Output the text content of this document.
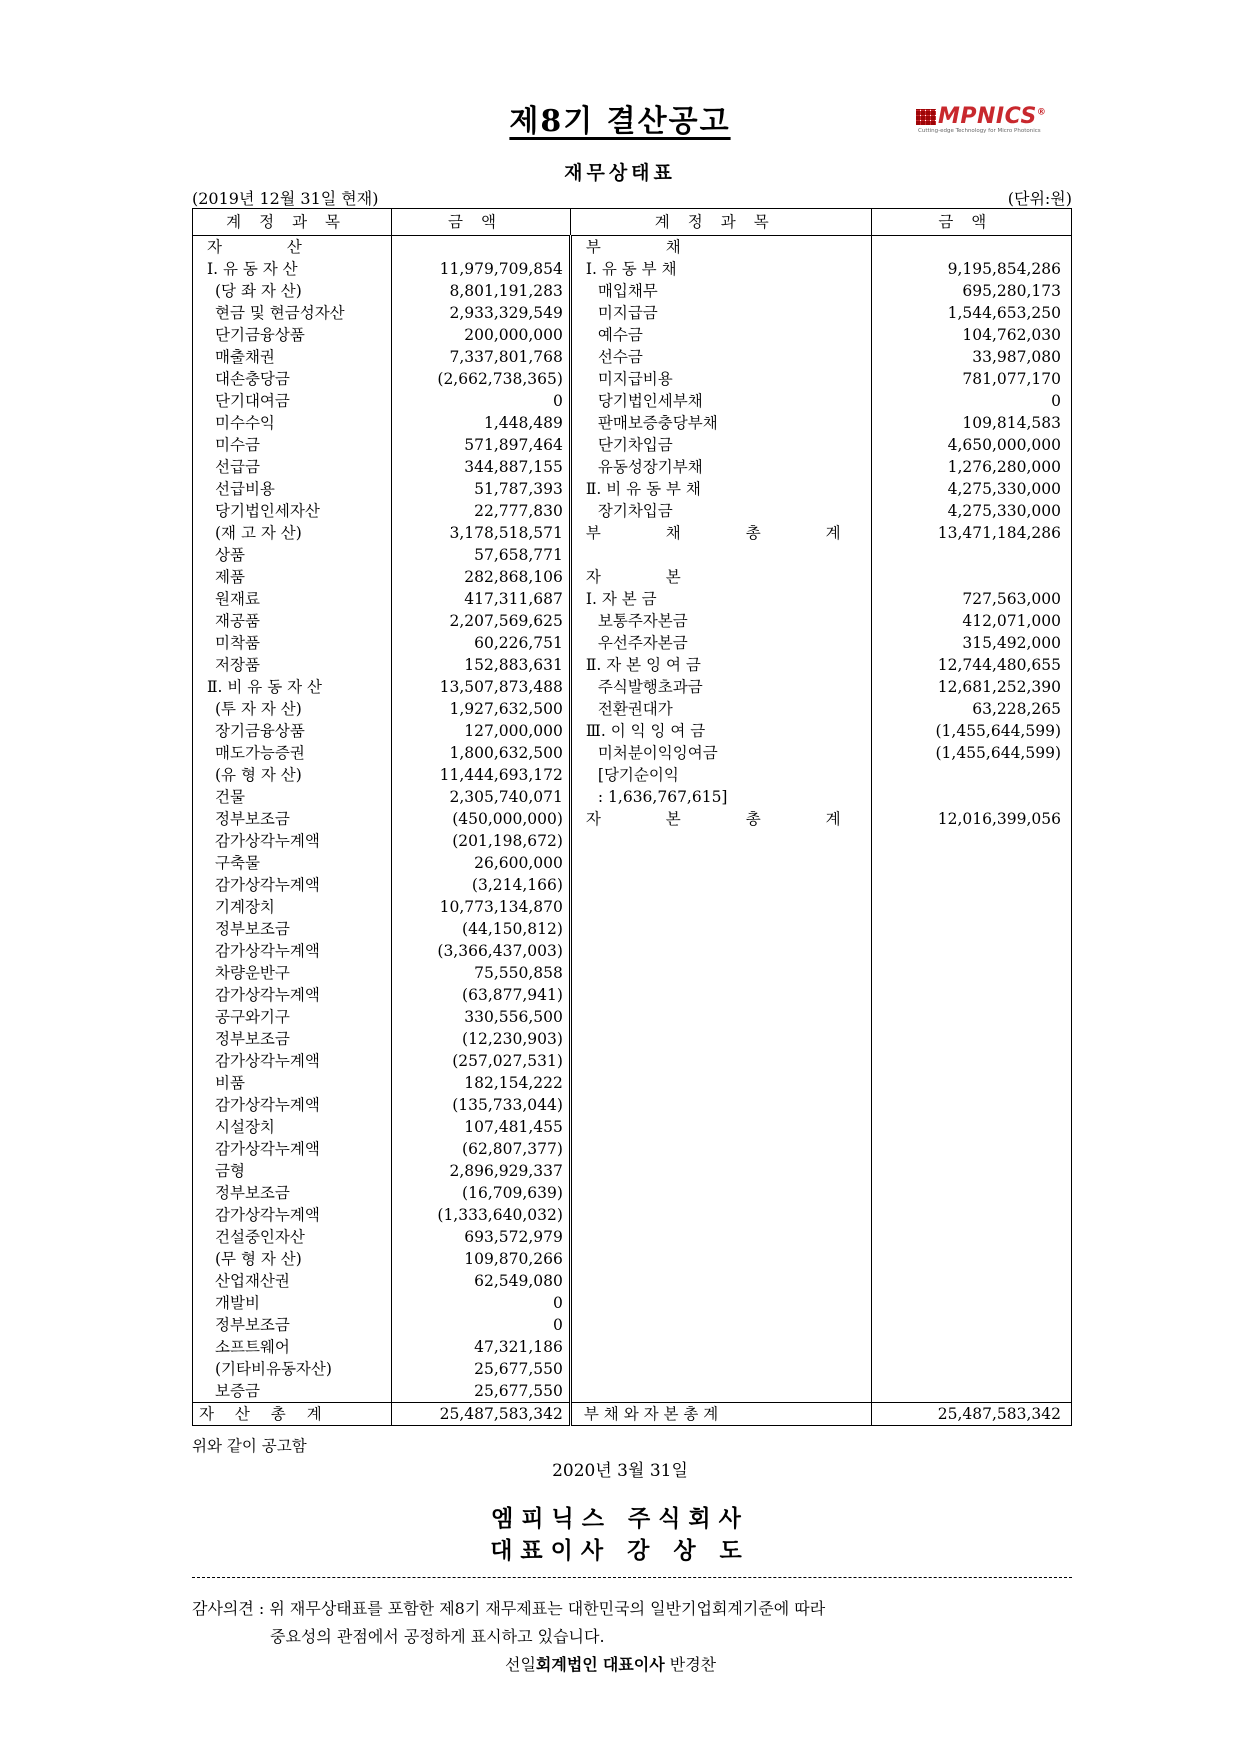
제8기 결산공고	MPNICS®
Cutting-edge Technology for Micro Photonics
재무상태표
(2019년 12월 31일 현재)	(단위:원)
계정과목	금액	계정과목	금액
자 산		부 채	
Ⅰ. 유 동 자 산	11,979,709,854	Ⅰ. 유 동 부 채	9,195,854,286
(당 좌 자 산)	8,801,191,283	매입채무	695,280,173
현금 및 현금성자산	2,933,329,549	미지급금	1,544,653,250
단기금융상품	200,000,000	예수금	104,762,030
매출채권	7,337,801,768	선수금	33,987,080
대손충당금	(2,662,738,365)	미지급비용	781,077,170
단기대여금	0	당기법인세부채	0
미수수익	1,448,489	판매보증충당부채	109,814,583
미수금	571,897,464	단기차입금	4,650,000,000
선급금	344,887,155	유동성장기부채	1,276,280,000
선급비용	51,787,393	Ⅱ. 비 유 동 부 채	4,275,330,000
당기법인세자산	22,777,830	장기차입금	4,275,330,000
(재 고 자 산)	3,178,518,571	부 채 총 계	13,471,184,286
상품	57,658,771		
제품	282,868,106	자 본	
원재료	417,311,687	Ⅰ. 자 본 금	727,563,000
재공품	2,207,569,625	보통주자본금	412,071,000
미착품	60,226,751	우선주자본금	315,492,000
저장품	152,883,631	Ⅱ. 자 본 잉 여 금	12,744,480,655
Ⅱ. 비 유 동 자 산	13,507,873,488	주식발행초과금	12,681,252,390
(투 자 자 산)	1,927,632,500	전환권대가	63,228,265
장기금융상품	127,000,000	Ⅲ. 이 익 잉 여 금	(1,455,644,599)
매도가능증권	1,800,632,500	미처분이익잉여금	(1,455,644,599)
(유 형 자 산)	11,444,693,172	[당기순이익	
건물	2,305,740,071	: 1,636,767,615]	
정부보조금	(450,000,000)	자 본 총 계	12,016,399,056
감가상각누계액	(201,198,672)		
구축물	26,600,000		
감가상각누계액	(3,214,166)		
기계장치	10,773,134,870		
정부보조금	(44,150,812)		
감가상각누계액	(3,366,437,003)		
차량운반구	75,550,858		
감가상각누계액	(63,877,941)		
공구와기구	330,556,500		
정부보조금	(12,230,903)		
감가상각누계액	(257,027,531)		
비품	182,154,222		
감가상각누계액	(135,733,044)		
시설장치	107,481,455		
감가상각누계액	(62,807,377)		
금형	2,896,929,337		
정부보조금	(16,709,639)		
감가상각누계액	(1,333,640,032)		
건설중인자산	693,572,979		
(무 형 자 산)	109,870,266		
산업재산권	62,549,080		
개발비	0		
정부보조금	0		
소프트웨어	47,321,186		
(기타비유동자산)	25,677,550		
보증금	25,677,550		
자 산 총 계	25,487,583,342	부 채 와 자 본 총 계	25,487,583,342
위와 같이 공고함
2020년 3월 31일
엠피닉스 주식회사
대표이사 강 상 도
감사의견 : 위 재무상태표를 포함한 제8기 재무제표는 대한민국의 일반기업회계기준에 따라
중요성의 관점에서 공정하게 표시하고 있습니다.
선일회계법인 대표이사 반경찬
